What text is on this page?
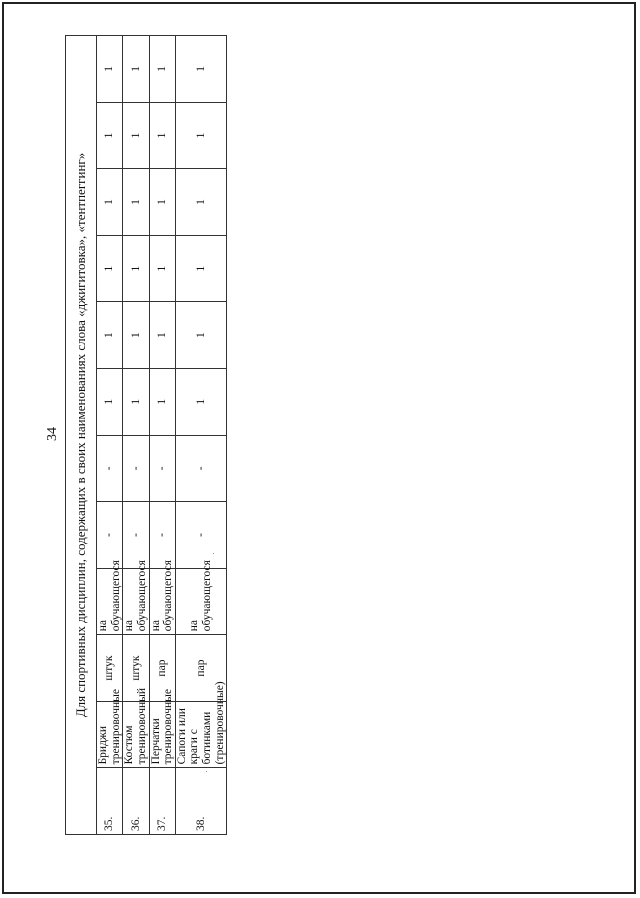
34 Для спортивных дисциплин, содержащих в своих наименованиях слова «джигитовка», «тентпеггинг»											
35.	Бриджи тренировочные	штук	на обучающегося	-	-	1	1	1	1	1	1
36.	Костюм тренировочный	штук	на обучающегося	-	-	1	1	1	1	1	1
37.	Перчатки тренировочные	пар	на обучающегося	-	-	1	1	1	1	1	1
38.	Сапоги или краги с ботинками (тренировочные)	пар	на обучающегося	-	-	1	1	1	1	1	1
